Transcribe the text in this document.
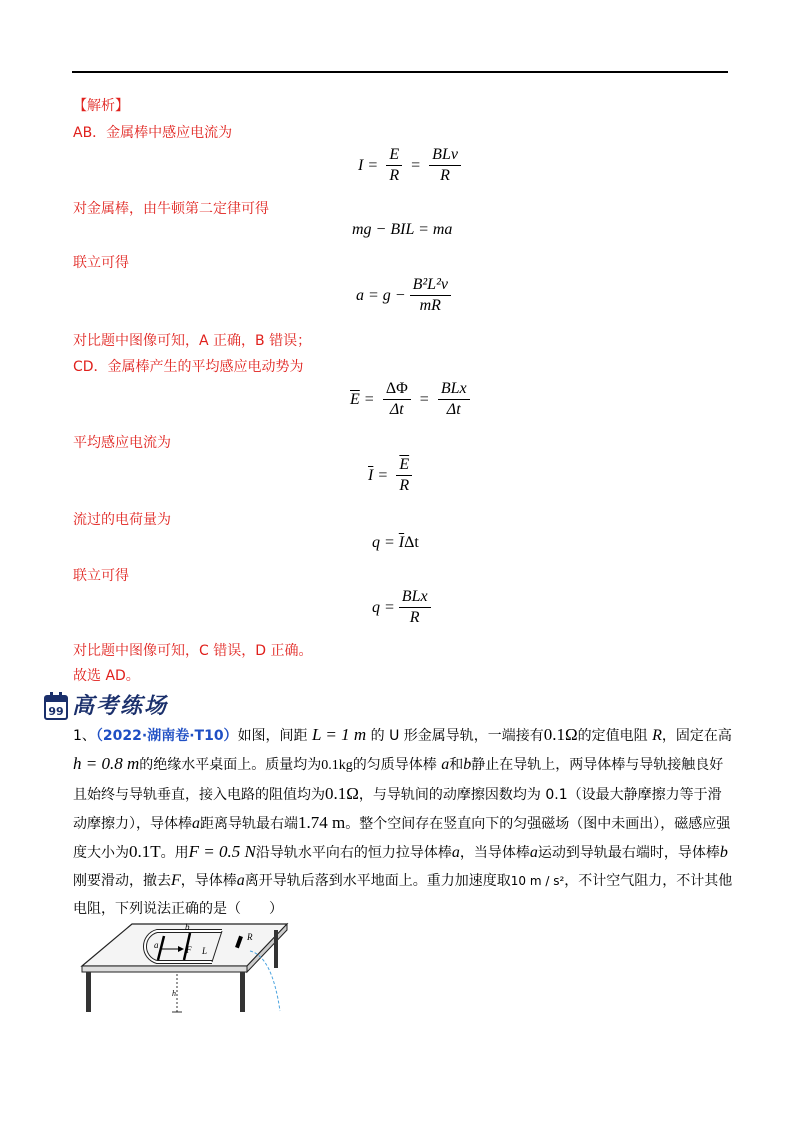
【解析】
AB．金属棒中感应电流为
$I = \frac{E}{R} = \frac{\text{BLv}}{R}$
对金属棒，由牛顿第二定律可得
mg − BIL = ma
联立可得
$a = g - \frac{\text{B²L²v}}{mR}$
对比题中图像可知，A 正确，B 错误；
CD．金属棒产生的平均感应电动势为
$\overline{E} = \frac{\Delta\Phi}{\Delta t} = \frac{\text{BLx}}{\Delta t}$
平均感应电流为
$\overline{I} = \frac{\overline{E}}{R}$
流过的电荷量为
q =
$\overline{I}$ Δt
联立可得
$q = \frac{\text{BLx}}{R}$
对比题中图像可知，C 错误，D 正确。
故选 AD。
99 高考练场
1、（2022·湖南卷·T10）如图，间距 L = 1 m 的 U 形金属导轨，一端接有0.1Ω的定值电阻 R，固定在高
h = 0.8 m的绝缘水平桌面上。质量均为0.1kg的匀质导体棒 a和b静止在导轨上，两导体棒与导轨接触良好且始终与导轨垂直，接入电路的阻值均为0.1Ω，与导轨间的动摩擦因数均为 0.1（设最大静摩擦力等于滑动摩擦力），导体棒a距离导轨最右端1.74 m。整个空间存在竖直向下的匀强磁场（图中未画出），磁感应强度大小为0.1T。用F = 0.5 N沿导轨水平向右的恒力拉导体棒a，当导体棒a运动到导轨最右端时，导体棒b刚要滑动，撤去F，导体棒a离开导轨后落到水平地面上。重力加速度取10 m / s²，不计空气阻力，不计其他电阻，下列说法正确的是（　　）
F
b
a
L
R
h
